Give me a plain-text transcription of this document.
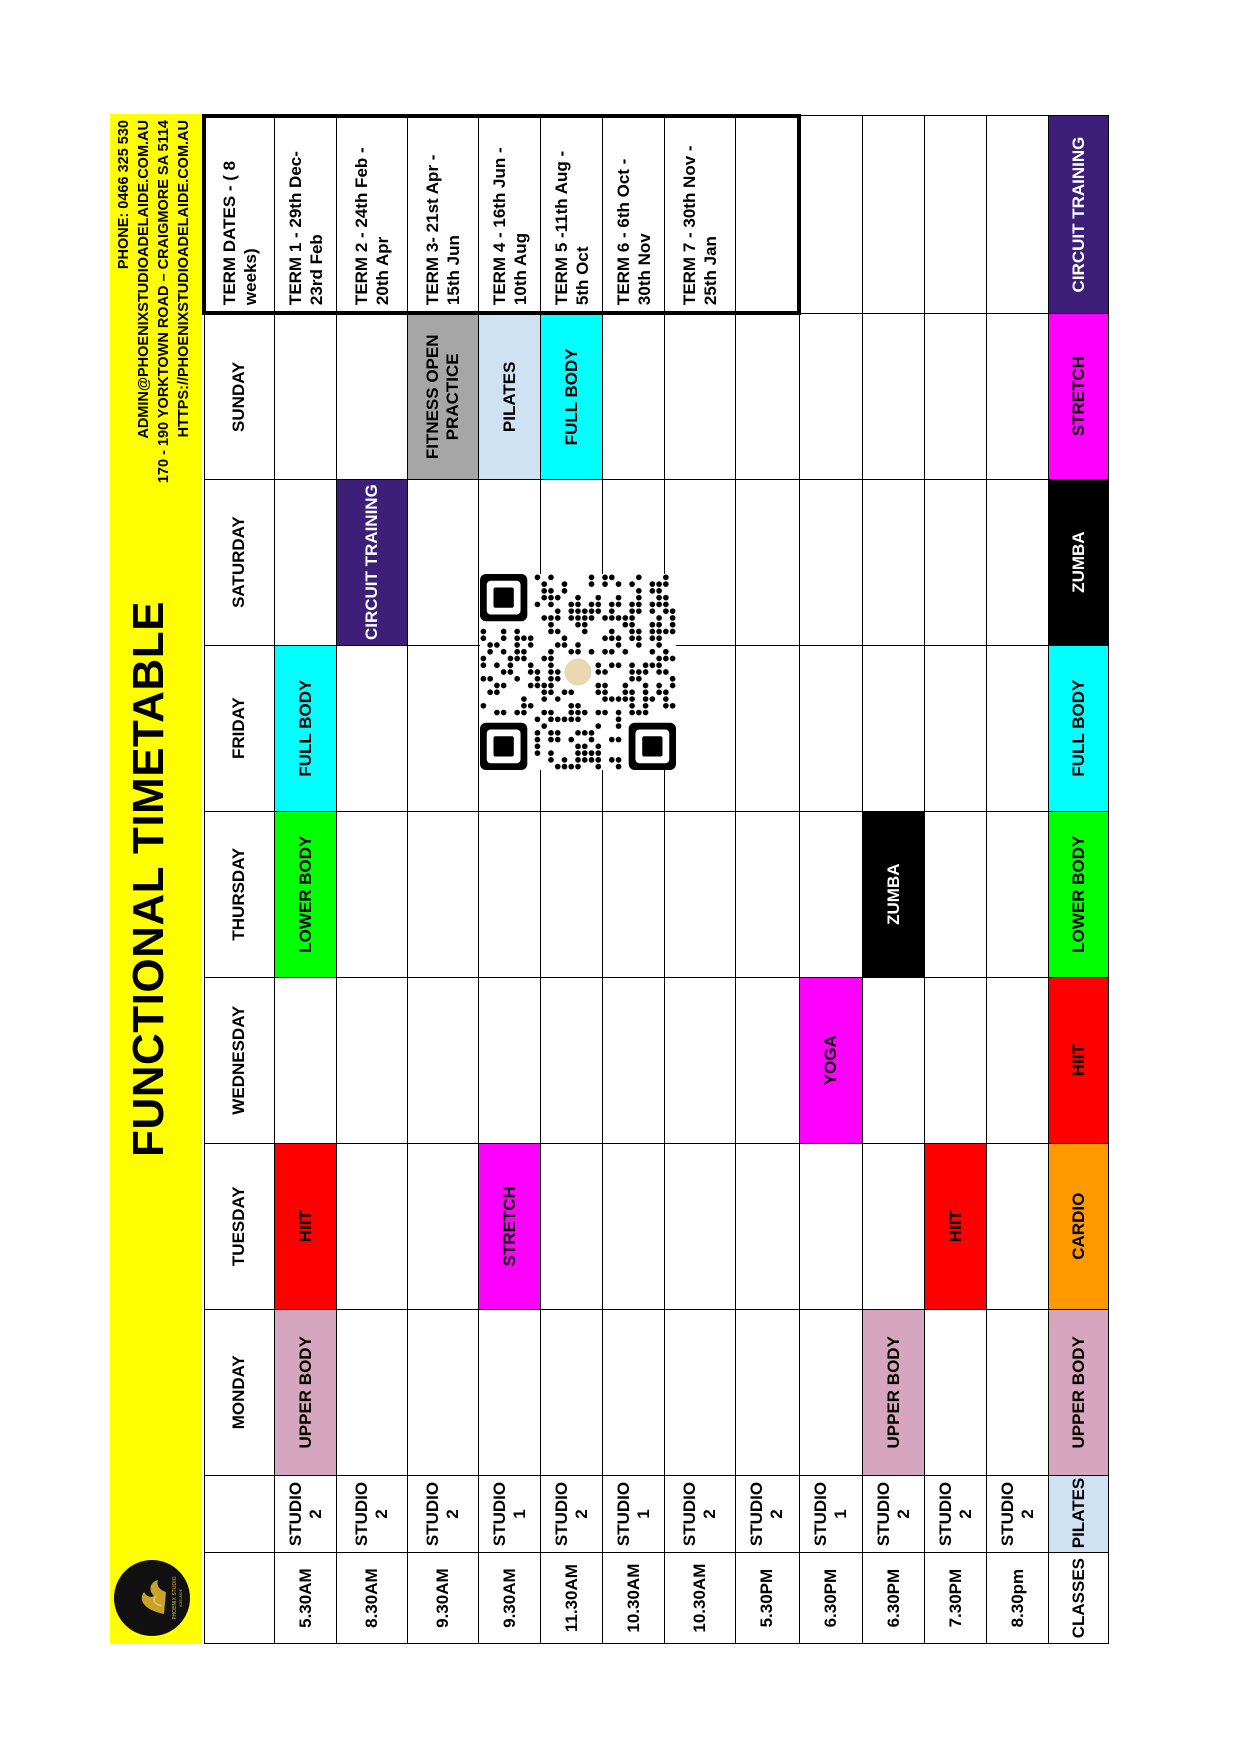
PHOENIX STUDIO ADELAIDE
FUNCTIONAL TIMETABLE
PHONE: 0466 325 530 ADMIN@PHOENIXSTUDIOADELAIDE.COM.AU 170 - 190 YORKTOWN ROAD – CRAIGMORE SA 5114 HTTPS://PHOENIXSTUDIOADELAIDE.COM.AU
		MONDAY	TUESDAY	WEDNESDAY	THURSDAY	FRIDAY	SATURDAY	SUNDAY	TERM DATES - ( 8 weeks)
5.30AM	STUDIO 2	UPPER BODY	HIIT		LOWER BODY	FULL BODY			TERM 1 - 29th Dec- 23rd Feb
8.30AM	STUDIO 2						CIRCUIT TRAINING		TERM 2 - 24th Feb - 20th Apr
9.30AM	STUDIO 2							FITNESS OPEN PRACTICE	TERM 3- 21st Apr - 15th Jun
9.30AM	STUDIO 1		STRETCH					PILATES	TERM 4 - 16th Jun - 10th Aug
11.30AM	STUDIO 2							FULL BODY	TERM 5 -11th Aug - 5th Oct
10.30AM	STUDIO 1								TERM 6 - 6th Oct - 30th Nov
10.30AM	STUDIO 2								TERM 7 - 30th Nov - 25th Jan
5.30PM	STUDIO 2								
6.30PM	STUDIO 1			YOGA					
6.30PM	STUDIO 2	UPPER BODY			ZUMBA				
7.30PM	STUDIO 2		HIIT						
8.30pm	STUDIO 2								
CLASSES	PILATES	UPPER BODY	CARDIO	HIIT	LOWER BODY	FULL BODY	ZUMBA	STRETCH	CIRCUIT TRAINING
